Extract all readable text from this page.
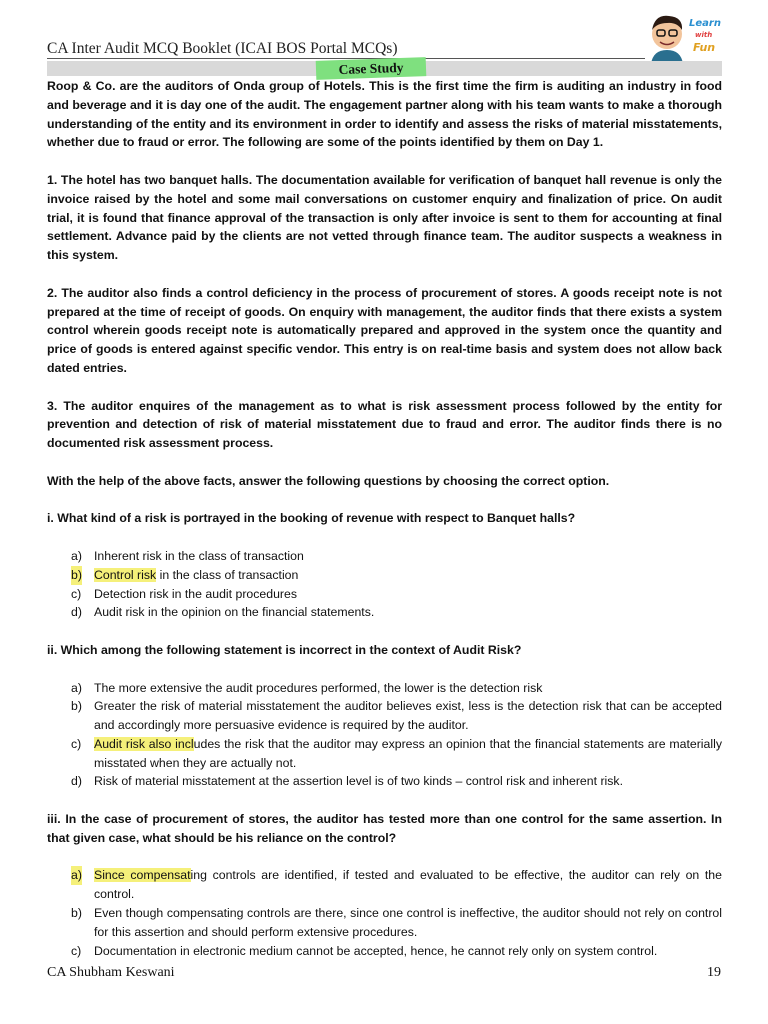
CA Inter Audit MCQ Booklet (ICAI BOS Portal MCQs)
Learn
with
Fun
Case Study

Roop & Co. are the auditors of Onda group of Hotels. This is the first time the firm is auditing an industry in food and beverage and it is day one of the audit. The engagement partner along with his team wants to make a thorough understanding of the entity and its environment in order to identify and assess the risks of material misstatements, whether due to fraud or error. The following are some of the points identified by them on Day 1.

1. The hotel has two banquet halls. The documentation available for verification of banquet hall revenue is only the invoice raised by the hotel and some mail conversations on customer enquiry and finalization of price. On audit trial, it is found that finance approval of the transaction is only after invoice is sent to them for accounting at final settlement. Advance paid by the clients are not vetted through finance team. The auditor suspects a weakness in this system.

2. The auditor also finds a control deficiency in the process of procurement of stores. A goods receipt note is not prepared at the time of receipt of goods. On enquiry with management, the auditor finds that there exists a system control wherein goods receipt note is automatically prepared and approved in the system once the quantity and price of goods is entered against specific vendor. This entry is on real-time basis and system does not allow back dated entries.

3. The auditor enquires of the management as to what is risk assessment process followed by the entity for prevention and detection of risk of material misstatement due to fraud and error. The auditor finds there is no documented risk assessment process.

With the help of the above facts, answer the following questions by choosing the correct option.

i. What kind of a risk is portrayed in the booking of revenue with respect to Banquet halls?

a) Inherent risk in the class of transaction
b) Control risk in the class of transaction
c) Detection risk in the audit procedures
d) Audit risk in the opinion on the financial statements.

ii. Which among the following statement is incorrect in the context of Audit Risk?

a) The more extensive the audit procedures performed, the lower is the detection risk
b) Greater the risk of material misstatement the auditor believes exist, less is the detection risk that can be accepted and accordingly more persuasive evidence is required by the auditor.
c) Audit risk also includes the risk that the auditor may express an opinion that the financial statements are materially misstated when they are actually not.
d) Risk of material misstatement at the assertion level is of two kinds – control risk and inherent risk.

iii. In the case of procurement of stores, the auditor has tested more than one control for the same assertion. In that given case, what should be his reliance on the control?

a) Since compensating controls are identified, if tested and evaluated to be effective, the auditor can rely on the control.
b) Even though compensating controls are there, since one control is ineffective, the auditor should not rely on control for this assertion and should perform extensive procedures.
c) Documentation in electronic medium cannot be accepted, hence, he cannot rely only on system control.
CA Shubham Keswani	19
